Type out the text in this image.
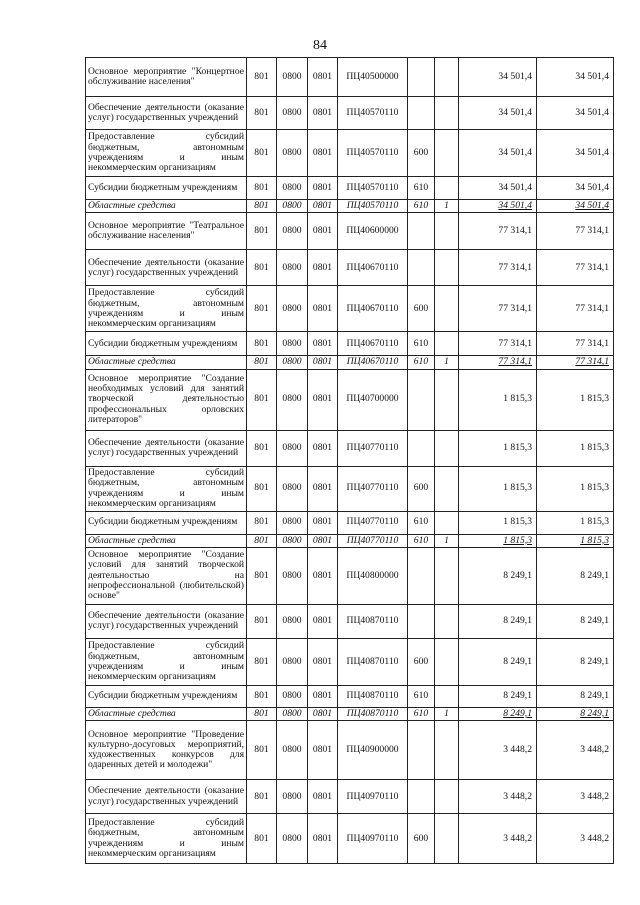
84
Основное мероприятие "Концертное обслуживание населения"	801	0800	0801	ПЦ40500000			34 501,4	34 501,4
Обеспечение деятельности (оказание услуг) государственных учреждений	801	0800	0801	ПЦ40570110			34 501,4	34 501,4
Предоставление субсидий бюджетным, автономным учреждениям и иным некоммерческим организациям	801	0800	0801	ПЦ40570110	600		34 501,4	34 501,4
Субсидии бюджетным учреждениям	801	0800	0801	ПЦ40570110	610		34 501,4	34 501,4
Областные средства	801	0800	0801	ПЦ40570110	610	1	34 501,4	34 501,4
Основное мероприятие "Театральное обслуживание населения"	801	0800	0801	ПЦ40600000			77 314,1	77 314,1
Обеспечение деятельности (оказание услуг) государственных учреждений	801	0800	0801	ПЦ40670110			77 314,1	77 314,1
Предоставление субсидий бюджетным, автономным учреждениям и иным некоммерческим организациям	801	0800	0801	ПЦ40670110	600		77 314,1	77 314,1
Субсидии бюджетным учреждениям	801	0800	0801	ПЦ40670110	610		77 314,1	77 314,1
Областные средства	801	0800	0801	ПЦ40670110	610	1	77 314,1	77 314,1
Основное мероприятие "Создание необходимых условий для занятий творческой деятельностью профессиональных орловских литераторов"	801	0800	0801	ПЦ40700000			1 815,3	1 815,3
Обеспечение деятельности (оказание услуг) государственных учреждений	801	0800	0801	ПЦ40770110			1 815,3	1 815,3
Предоставление субсидий бюджетным, автономным учреждениям и иным некоммерческим организациям	801	0800	0801	ПЦ40770110	600		1 815,3	1 815,3
Субсидии бюджетным учреждениям	801	0800	0801	ПЦ40770110	610		1 815,3	1 815,3
Областные средства	801	0800	0801	ПЦ40770110	610	1	1 815,3	1 815,3
Основное мероприятие "Создание условий для занятий творческой деятельностью на непрофессиональной (любительской) основе"	801	0800	0801	ПЦ40800000			8 249,1	8 249,1
Обеспечение деятельности (оказание услуг) государственных учреждений	801	0800	0801	ПЦ40870110			8 249,1	8 249,1
Предоставление субсидий бюджетным, автономным учреждениям и иным некоммерческим организациям	801	0800	0801	ПЦ40870110	600		8 249,1	8 249,1
Субсидии бюджетным учреждениям	801	0800	0801	ПЦ40870110	610		8 249,1	8 249,1
Областные средства	801	0800	0801	ПЦ40870110	610	1	8 249,1	8 249,1
Основное мероприятие "Проведение культурно-досуговых мероприятий, художественных конкурсов для одаренных детей и молодежи"	801	0800	0801	ПЦ40900000			3 448,2	3 448,2
Обеспечение деятельности (оказание услуг) государственных учреждений	801	0800	0801	ПЦ40970110			3 448,2	3 448,2
Предоставление субсидий бюджетным, автономным учреждениям и иным некоммерческим организациям	801	0800	0801	ПЦ40970110	600		3 448,2	3 448,2
